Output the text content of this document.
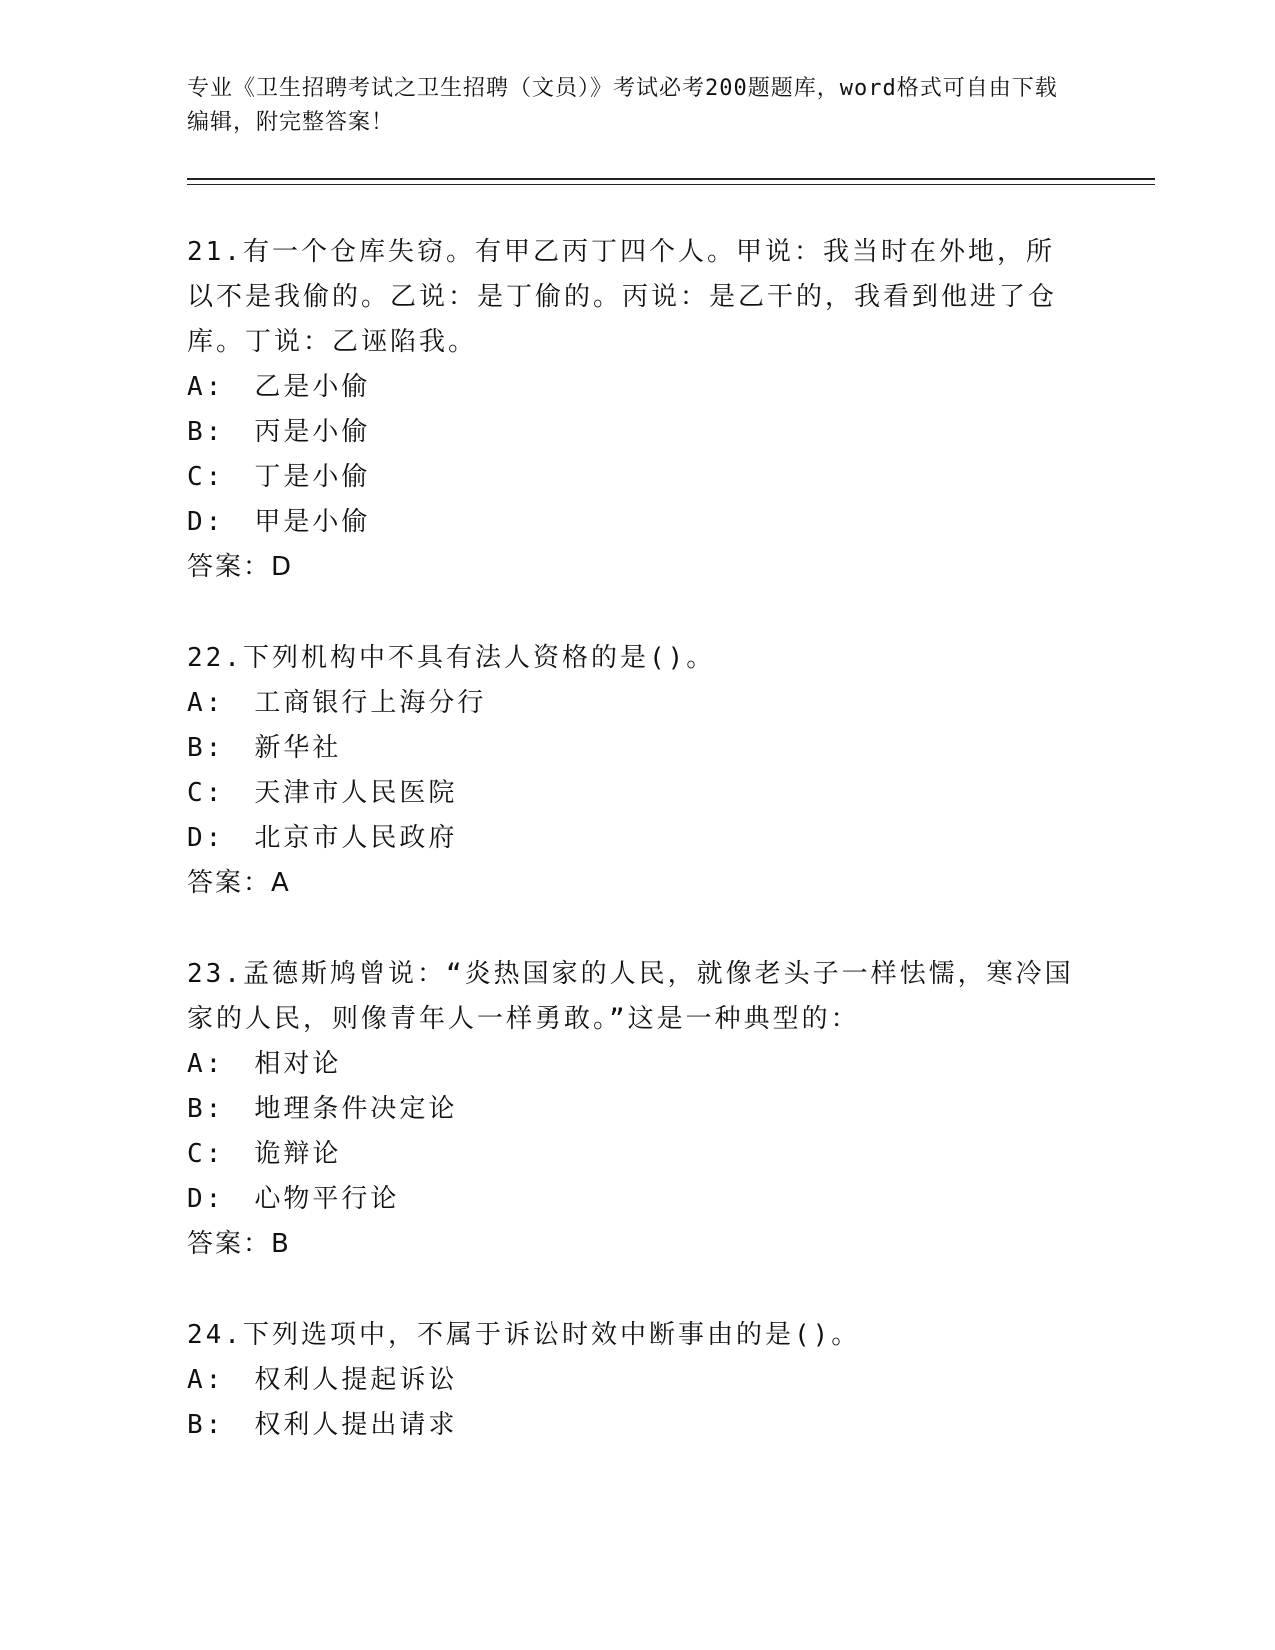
专业《卫生招聘考试之卫生招聘（文员）》考试必考200题题库，word格式可自由下载编辑，附完整答案！

21.有一个仓库失窃。有甲乙丙丁四个人。甲说：我当时在外地，所以不是我偷的。乙说：是丁偷的。丙说：是乙干的，我看到他进了仓库。丁说：乙诬陷我。

A: 乙是小偷
B: 丙是小偷
C: 丁是小偷
D: 甲是小偷
答案：D

22.下列机构中不具有法人资格的是()。

A: 工商银行上海分行
B: 新华社
C: 天津市人民医院
D: 北京市人民政府
答案：A

23.孟德斯鸠曾说：“炎热国家的人民，就像老头子一样怯懦，寒冷国家的人民，则像青年人一样勇敢。”这是一种典型的：

A: 相对论
B: 地理条件决定论
C: 诡辩论
D: 心物平行论
答案：B

24.下列选项中，不属于诉讼时效中断事由的是()。

A: 权利人提起诉讼
B: 权利人提出请求
